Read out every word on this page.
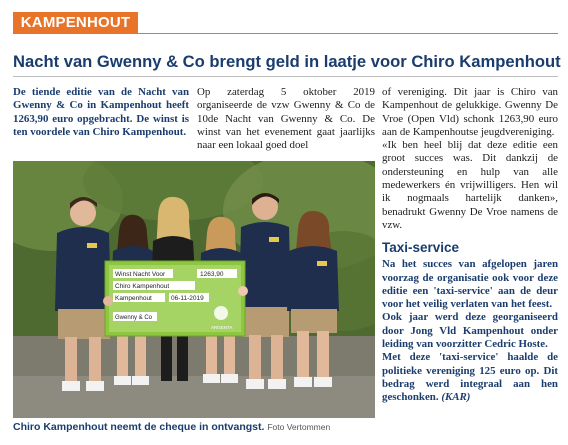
KAMPENHOUT
Nacht van Gwenny & Co brengt geld in laatje voor Chiro Kampenhout

De tiende editie van de Nacht van Gwenny & Co in Kampenhout heeft 1263,90 euro opgebracht. De winst is ten voordele van Chiro Kampenhout.

Op zaterdag 5 oktober 2019 organiseerde de vzw Gwenny & Co de 10de Nacht van Gwenny & Co. De winst van het evenement gaat jaarlijks naar een lokaal goed doel

of vereniging. Dit jaar is Chiro van Kampenhout de gelukkige. Gwenny De Vroe (Open Vld) schonk 1263,90 euro aan de Kampenhoutse jeugdvereniging.

«Ik ben heel blij dat deze editie een groot succes was. Dit dankzij de ondersteuning en hulp van alle medewerkers én vrijwilligers. Hen wil ik nogmaals hartelijk danken», benadrukt Gwenny De Vroe namens de vzw.

Taxi-service

Na het succes van afgelopen jaren voorzag de organisatie ook voor deze editie een 'taxi-service' aan de deur voor het veilig verlaten van het feest.

Ook jaar werd deze georganiseerd door Jong Vld Kampenhout onder leiding van voorzitter Cedric Hoste.

Met deze 'taxi-service' haalde de politieke vereniging 125 euro op. Dit bedrag werd integraal aan hen geschonken. (KAR)

Winst Nacht Voor	1263,90
Chiro Kampenhout
Kampenhout	06-11-2019
Gwenny & Co
ARGENTA
Chiro Kampenhout neemt de cheque in ontvangst. Foto Vertommen
